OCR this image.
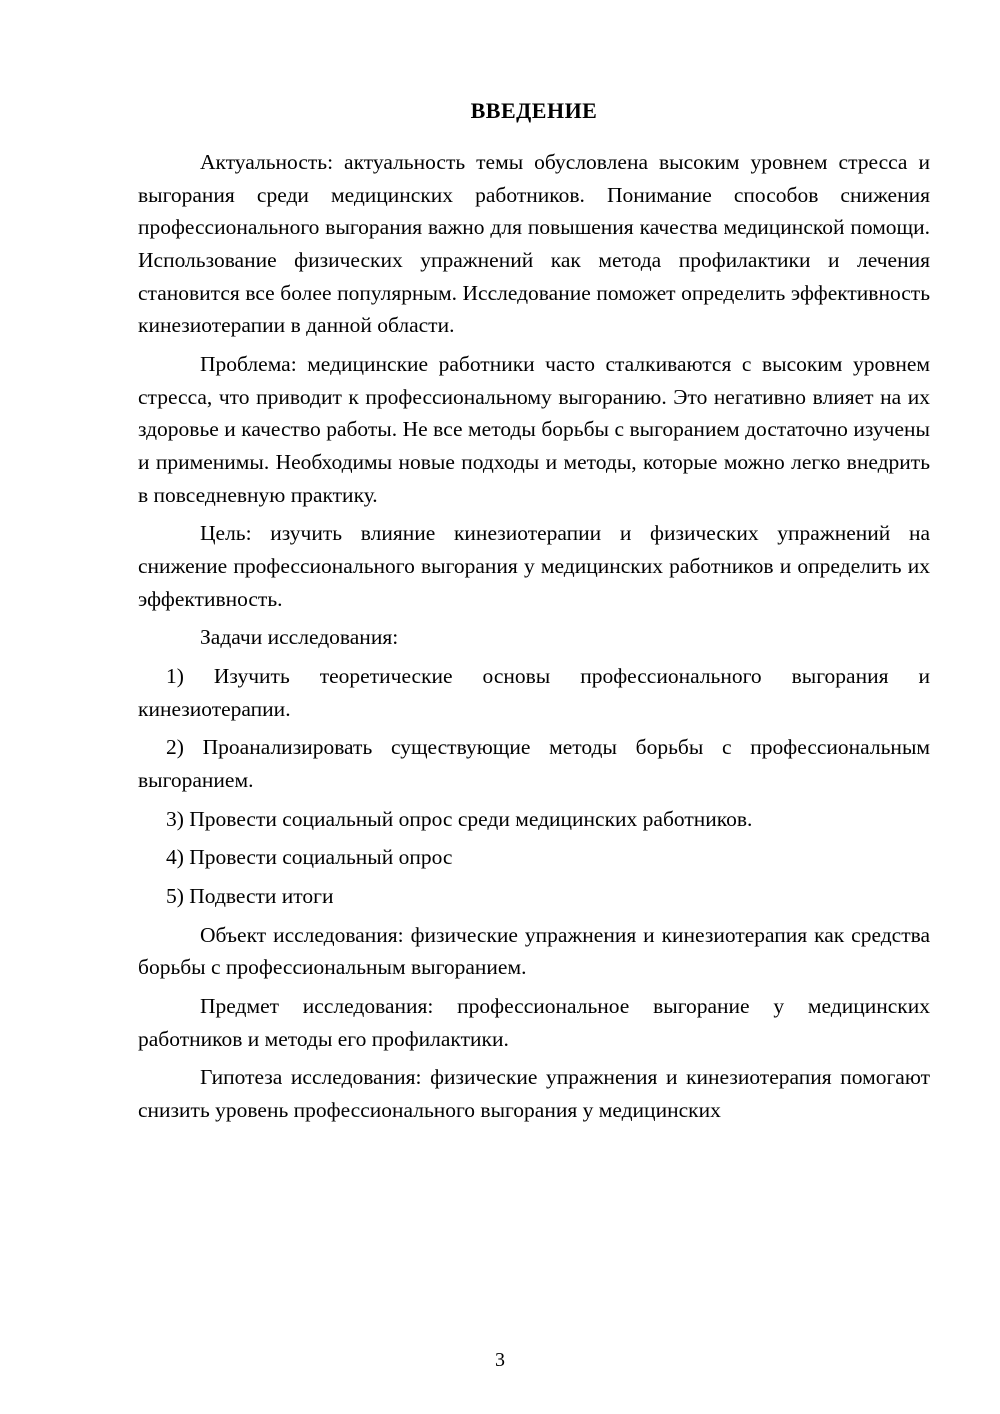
ВВЕДЕНИЕ
Актуальность: актуальность темы обусловлена высоким уровнем стресса и выгорания среди медицинских работников. Понимание способов снижения профессионального выгорания важно для повышения качества медицинской помощи. Использование физических упражнений как метода профилактики и лечения становится все более популярным. Исследование поможет определить эффективность кинезиотерапии в данной области.
Проблема: медицинские работники часто сталкиваются с высоким уровнем стресса, что приводит к профессиональному выгоранию. Это негативно влияет на их здоровье и качество работы. Не все методы борьбы с выгоранием достаточно изучены и применимы. Необходимы новые подходы и методы, которые можно легко внедрить в повседневную практику.
Цель: изучить влияние кинезиотерапии и физических упражнений на снижение профессионального выгорания у медицинских работников и определить их эффективность.
Задачи исследования:
1) Изучить теоретические основы профессионального выгорания и кинезиотерапии.
2) Проанализировать существующие методы борьбы с профессиональным выгоранием.
3) Провести социальный опрос среди медицинских работников.
4) Провести социальный опрос
5) Подвести итоги
Объект исследования: физические упражнения и кинезиотерапия как средства борьбы с профессиональным выгоранием.
Предмет исследования: профессиональное выгорание у медицинских работников и методы его профилактики.
Гипотеза исследования: физические упражнения и кинезиотерапия помогают снизить уровень профессионального выгорания у медицинских
3
